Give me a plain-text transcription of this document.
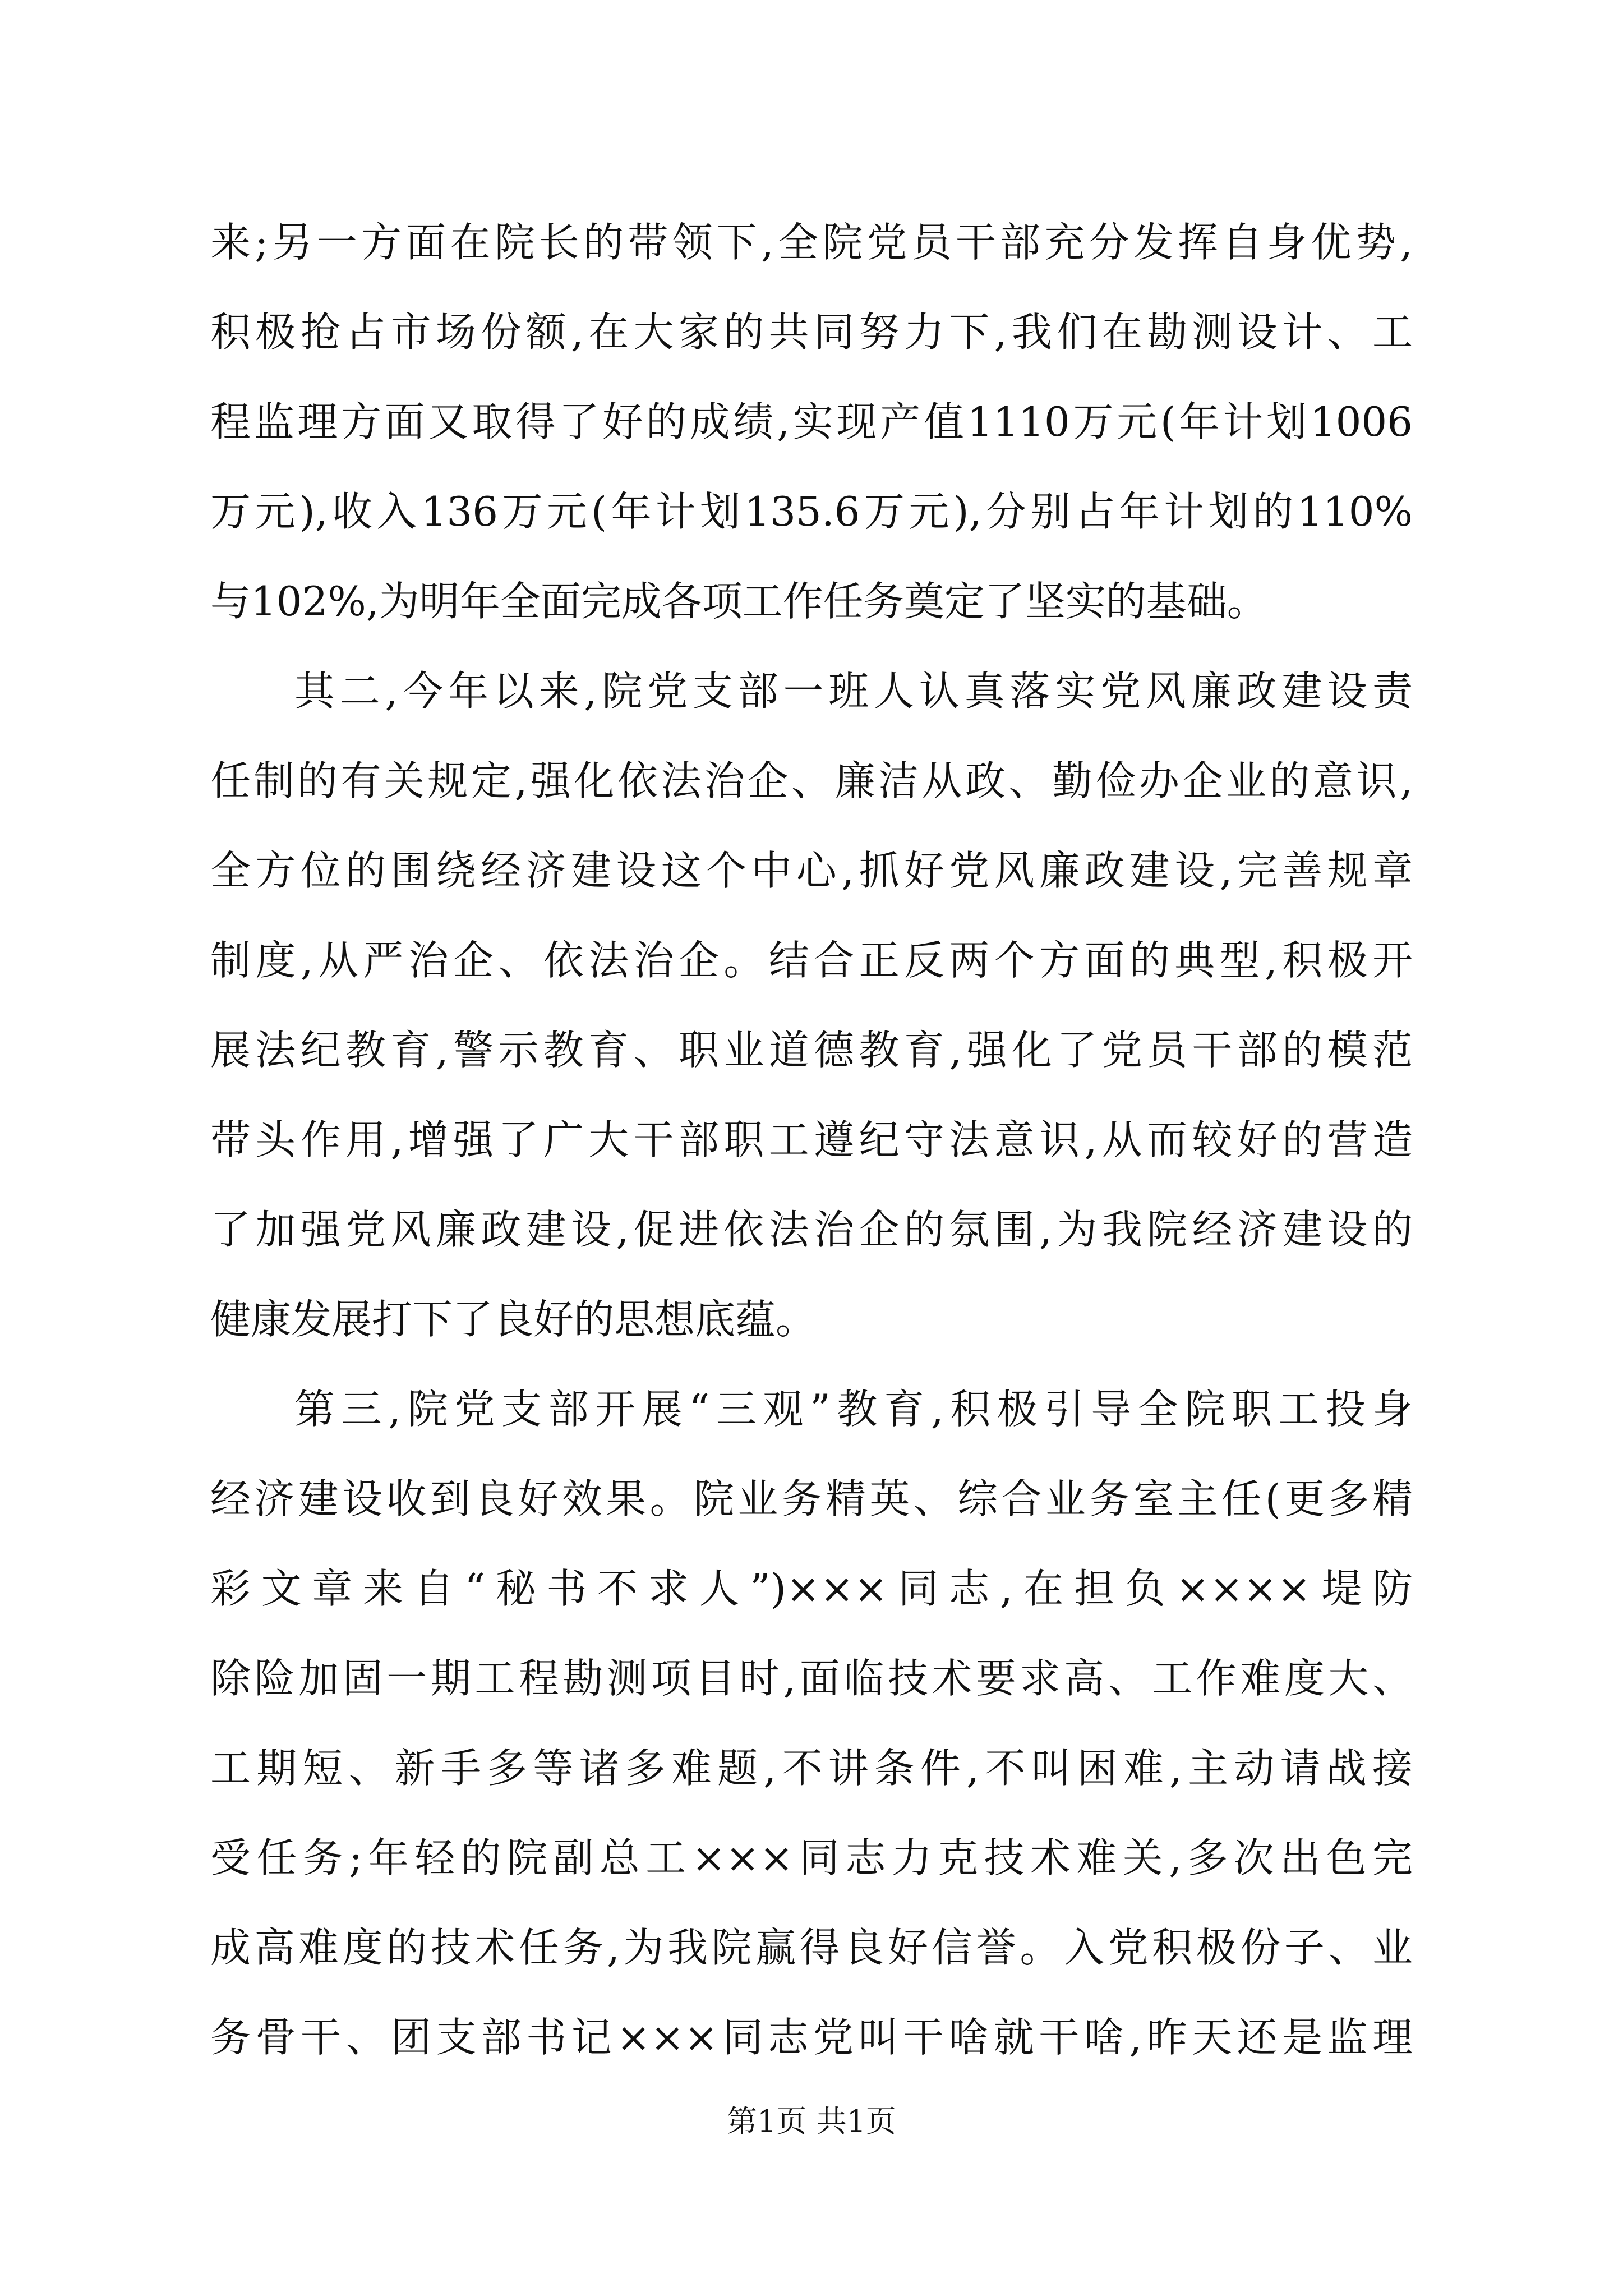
来;另一方面在院长的带领下,全院党员干部充分发挥自身优势,
积极抢占市场份额,在大家的共同努力下,我们在勘测设计、工
程监理方面又取得了好的成绩,实现产值1110万元(年计划1006
万元),收入136万元(年计划135.6万元),分别占年计划的110%
与102%,为明年全面完成各项工作任务奠定了坚实的基础。
其二,今年以来,院党支部一班人认真落实党风廉政建设责
任制的有关规定,强化依法治企、廉洁从政、勤俭办企业的意识,
全方位的围绕经济建设这个中心,抓好党风廉政建设,完善规章
制度,从严治企、依法治企。结合正反两个方面的典型,积极开
展法纪教育,警示教育、职业道德教育,强化了党员干部的模范
带头作用,增强了广大干部职工遵纪守法意识,从而较好的营造
了加强党风廉政建设,促进依法治企的氛围,为我院经济建设的
健康发展打下了良好的思想底蕴。
第三,院党支部开展“三观”教育,积极引导全院职工投身
经济建设收到良好效果。院业务精英、综合业务室主任(更多精
彩文章来自“秘书不求人”)×××同志,在担负××××堤防
除险加固一期工程勘测项目时,面临技术要求高、工作难度大、
工期短、新手多等诸多难题,不讲条件,不叫困难,主动请战接
受任务;年轻的院副总工×××同志力克技术难关,多次出色完
成高难度的技术任务,为我院赢得良好信誉。入党积极份子、业
务骨干、团支部书记×××同志党叫干啥就干啥,昨天还是监理
第1页 共1页
